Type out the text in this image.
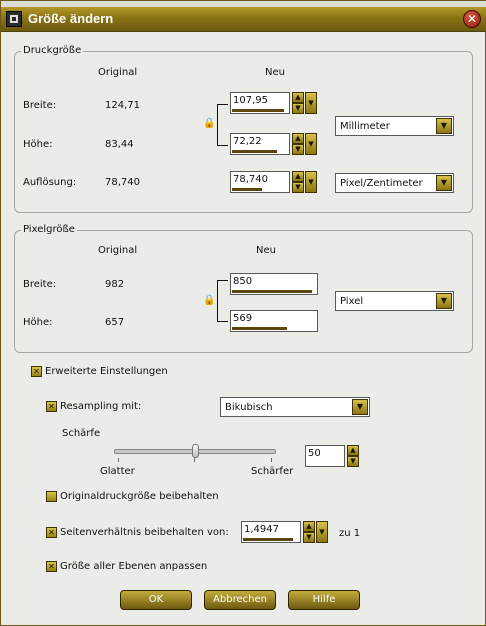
Größe ändern	✕
Druckgröße
Original	Neu
Breite:	124,71	107,95	▲
▼
▼
🔒
Höhe:	83,44	72,22	▲
▼
▼
Millimeter	▼
Auflösung:	78,740	78,740	▲
▼
▼	Pixel/Zentimeter	▼
Pixelgröße
Original	Neu
Breite:	982	850
🔒
Höhe:	657	569
Pixel	▼
✕ Erweiterte Einstellungen
✕ Resampling mit:	Bikubisch	▼
Schärfe
Glatter	Schärfer
50	▲
▼
Originaldruckgröße beibehalten
✕ Seitenverhältnis beibehalten von: 1,4947	▲
▼
▼	zu 1
✕ Größe aller Ebenen anpassen
OK	Abbrechen	Hilfe
